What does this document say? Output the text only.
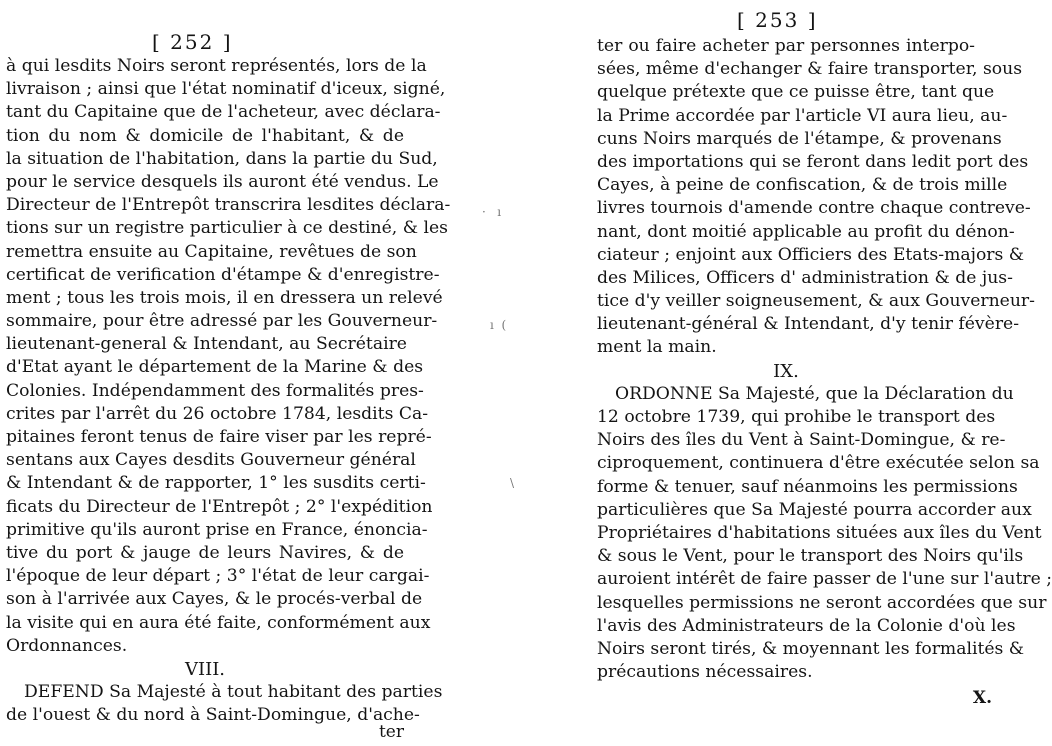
[ 252 ]
à qui lesdits Noirs seront représentés, lors de la
livraison ; ainsi que l'état nominatif d'iceux, signé,
tant du Capitaine que de l'acheteur, avec déclara-
tion du nom & domicile de l'habitant, & de
la situation de l'habitation, dans la partie du Sud,
pour le service desquels ils auront été vendus. Le
Directeur de l'Entrepôt transcrira lesdites déclara-
tions sur un registre particulier à ce destiné, & les
remettra ensuite au Capitaine, revêtues de son
certificat de verification d'étampe & d'enregistre-
ment ; tous les trois mois, il en dressera un relevé
sommaire, pour être adressé par les Gouverneur-
lieutenant-general & Intendant, au Secrétaire
d'Etat ayant le département de la Marine & des
Colonies. Indépendamment des formalités pres-
crites par l'arrêt du 26 octobre 1784, lesdits Ca-
pitaines feront tenus de faire viser par les repré-
sentans aux Cayes desdits Gouverneur général
& Intendant & de rapporter, 1° les susdits certi-
ficats du Directeur de l'Entrepôt ; 2° l'expédition
primitive qu'ils auront prise en France, énoncia-
tive du port & jauge de leurs Navires, & de
l'époque de leur départ ; 3° l'état de leur cargai-
son à l'arrivée aux Cayes, & le procés-verbal de
la visite qui en aura été faite, conformément aux
Ordonnances.
VIII.
DEFEND Sa Majesté à tout habitant des parties
de l'ouest & du nord à Saint-Domingue, d'ache-
ter
·   ı
ı  (
\
[ 253 ]
ter ou faire acheter par personnes interpo-
sées, même d'echanger & faire transporter, sous
quelque prétexte que ce puisse être, tant que
la Prime accordée par l'article VI aura lieu, au-
cuns Noirs marqués de l'étampe, & provenans
des importations qui se feront dans ledit port des
Cayes, à peine de confiscation, & de trois mille
livres tournois d'amende contre chaque contreve-
nant, dont moitié applicable au profit du dénon-
ciateur ; enjoint aux Officiers des Etats-majors &
des Milices, Officers d' administration & de jus-
tice d'y veiller soigneusement, & aux Gouverneur-
lieutenant-général & Intendant, d'y tenir févère-
ment la main.
IX.
ORDONNE Sa Majesté, que la Déclaration du
12 octobre 1739, qui prohibe le transport des
Noirs des îles du Vent à Saint-Domingue, & re-
ciproquement, continuera d'être exécutée selon sa
forme & tenuer, sauf néanmoins les permissions
particulières que Sa Majesté pourra accorder aux
Propriétaires d'habitations situées aux îles du Vent
& sous le Vent, pour le transport des Noirs qu'ils
auroient intérêt de faire passer de l'une sur l'autre ;
lesquelles permissions ne seront accordées que sur
l'avis des Administrateurs de la Colonie d'où les
Noirs seront tirés, & moyennant les formalités &
précautions nécessaires.
X.
